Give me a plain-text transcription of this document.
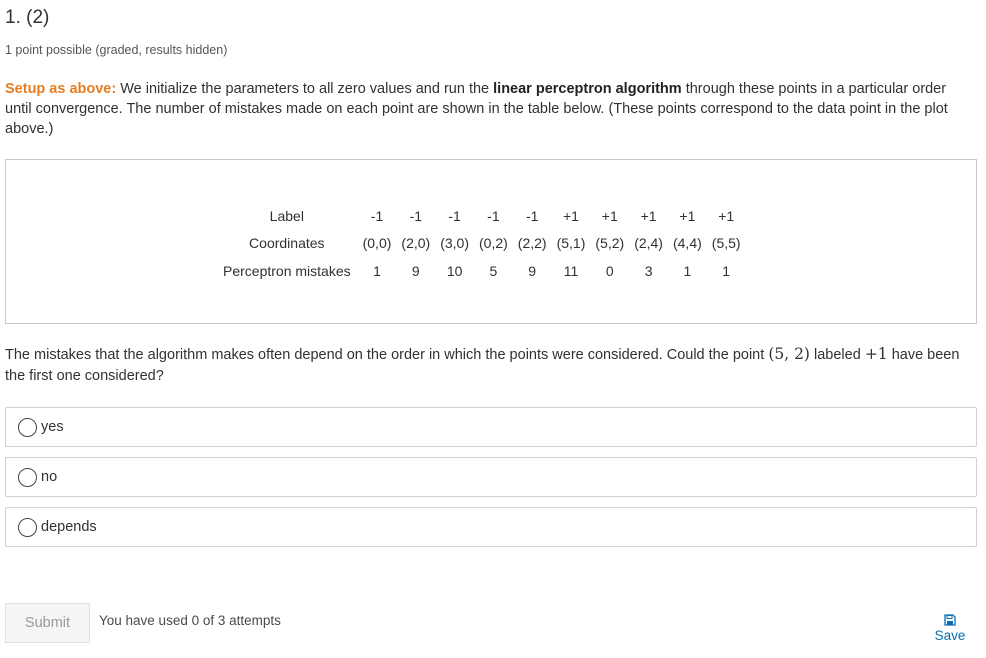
1. (2)
1 point possible (graded, results hidden)
Setup as above: We initialize the parameters to all zero values and run the linear perceptron algorithm through these points in a particular order until convergence. The number of mistakes made on each point are shown in the table below. (These points correspond to the data point in the plot above.)
Label	-1	-1	-1	-1	-1	+1	+1	+1	+1	+1
Coordinates	(0,0)	(2,0)	(3,0)	(0,2)	(2,2)	(5,1)	(5,2)	(2,4)	(4,4)	(5,5)
Perceptron mistakes	1	9	10	5	9	11	0	3	1	1
The mistakes that the algorithm makes often depend on the order in which the points were considered. Could the point (5, 2) labeled +1 have been the first one considered?
yes
no
depends
Submit	You have used 0 of 3 attempts
Save
